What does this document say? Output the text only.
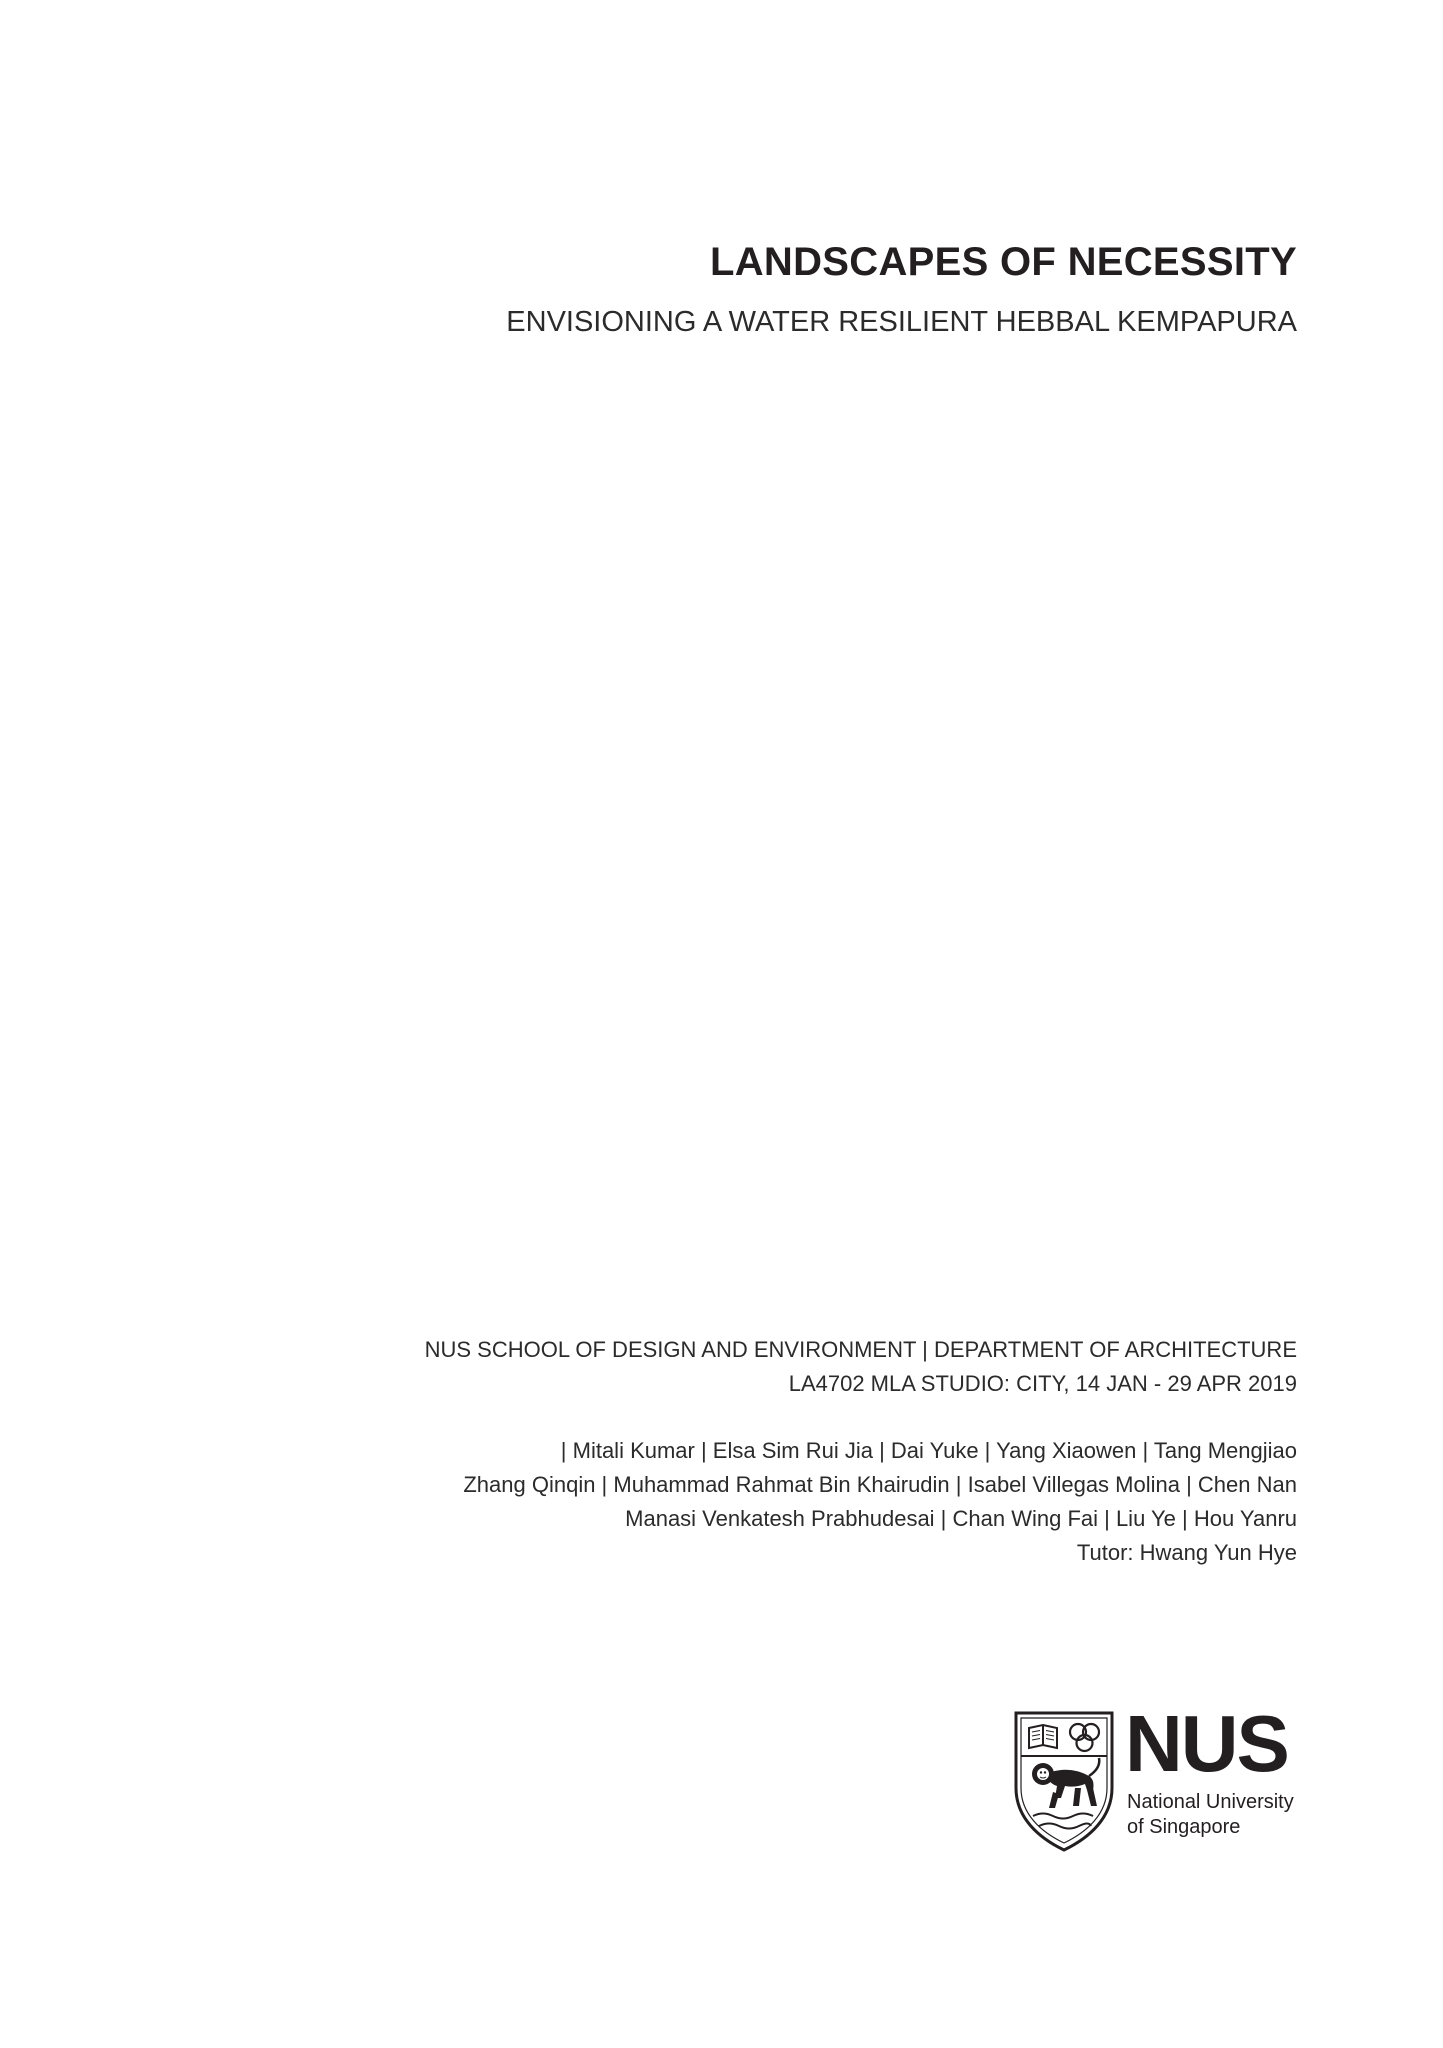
LANDSCAPES OF NECESSITY
ENVISIONING A WATER RESILIENT HEBBAL KEMPAPURA
NUS SCHOOL OF DESIGN AND ENVIRONMENT | DEPARTMENT OF ARCHITECTURE
LA4702 MLA STUDIO: CITY, 14 JAN - 29 APR 2019
| Mitali Kumar | Elsa Sim Rui Jia | Dai Yuke | Yang Xiaowen | Tang Mengjiao
Zhang Qinqin | Muhammad Rahmat Bin Khairudin | Isabel Villegas Molina | Chen Nan
Manasi Venkatesh Prabhudesai | Chan Wing Fai | Liu Ye | Hou Yanru
Tutor: Hwang Yun Hye
NUS
National University
of Singapore
